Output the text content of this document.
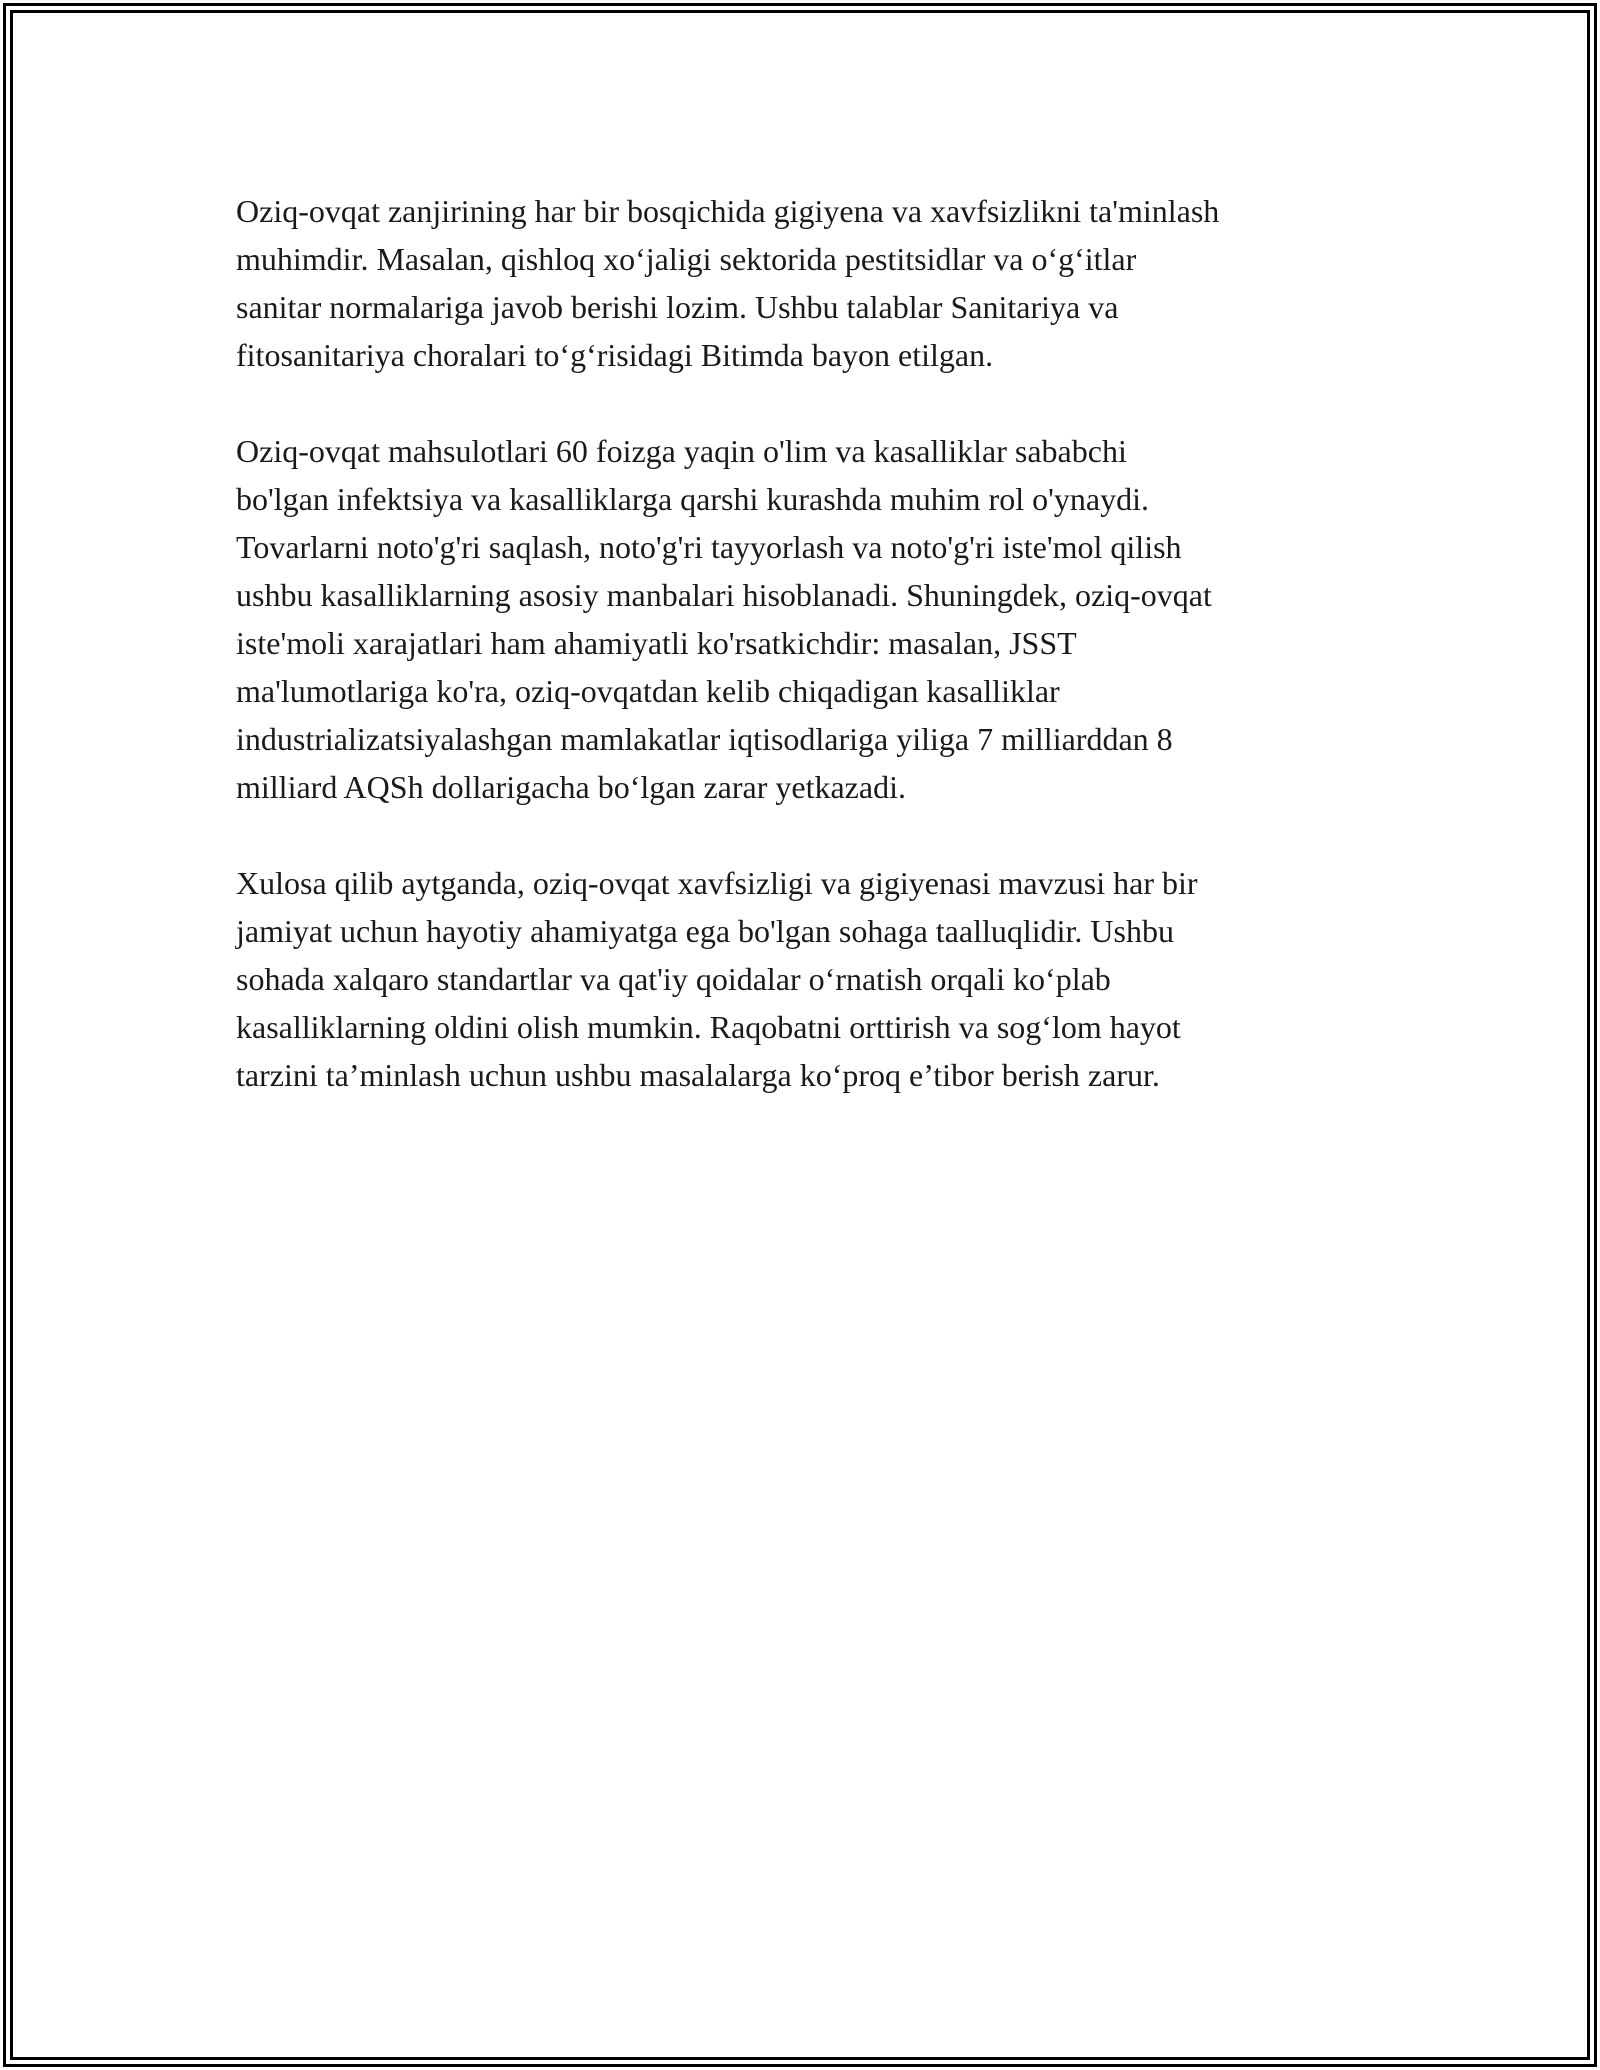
Oziq-ovqat zanjirining har bir bosqichida gigiyena va xavfsizlikni ta'minlash
muhimdir. Masalan, qishloq xoʻjaligi sektorida pestitsidlar va oʻgʻitlar
sanitar normalariga javob berishi lozim. Ushbu talablar Sanitariya va
fitosanitariya choralari toʻgʻrisidagi Bitimda bayon etilgan.

Oziq-ovqat mahsulotlari 60 foizga yaqin o'lim va kasalliklar sababchi
bo'lgan infektsiya va kasalliklarga qarshi kurashda muhim rol o'ynaydi.
Tovarlarni noto'g'ri saqlash, noto'g'ri tayyorlash va noto'g'ri iste'mol qilish
ushbu kasalliklarning asosiy manbalari hisoblanadi. Shuningdek, oziq-ovqat
iste'moli xarajatlari ham ahamiyatli ko'rsatkichdir: masalan, JSST
ma'lumotlariga ko'ra, oziq-ovqatdan kelib chiqadigan kasalliklar
industrializatsiyalashgan mamlakatlar iqtisodlariga yiliga 7 milliarddan 8
milliard AQSh dollarigacha boʻlgan zarar yetkazadi.

Xulosa qilib aytganda, oziq-ovqat xavfsizligi va gigiyenasi mavzusi har bir
jamiyat uchun hayotiy ahamiyatga ega bo'lgan sohaga taalluqlidir. Ushbu
sohada xalqaro standartlar va qat'iy qoidalar oʻrnatish orqali koʻplab
kasalliklarning oldini olish mumkin. Raqobatni orttirish va sogʻlom hayot
tarzini ta’minlash uchun ushbu masalalarga koʻproq e’tibor berish zarur.
